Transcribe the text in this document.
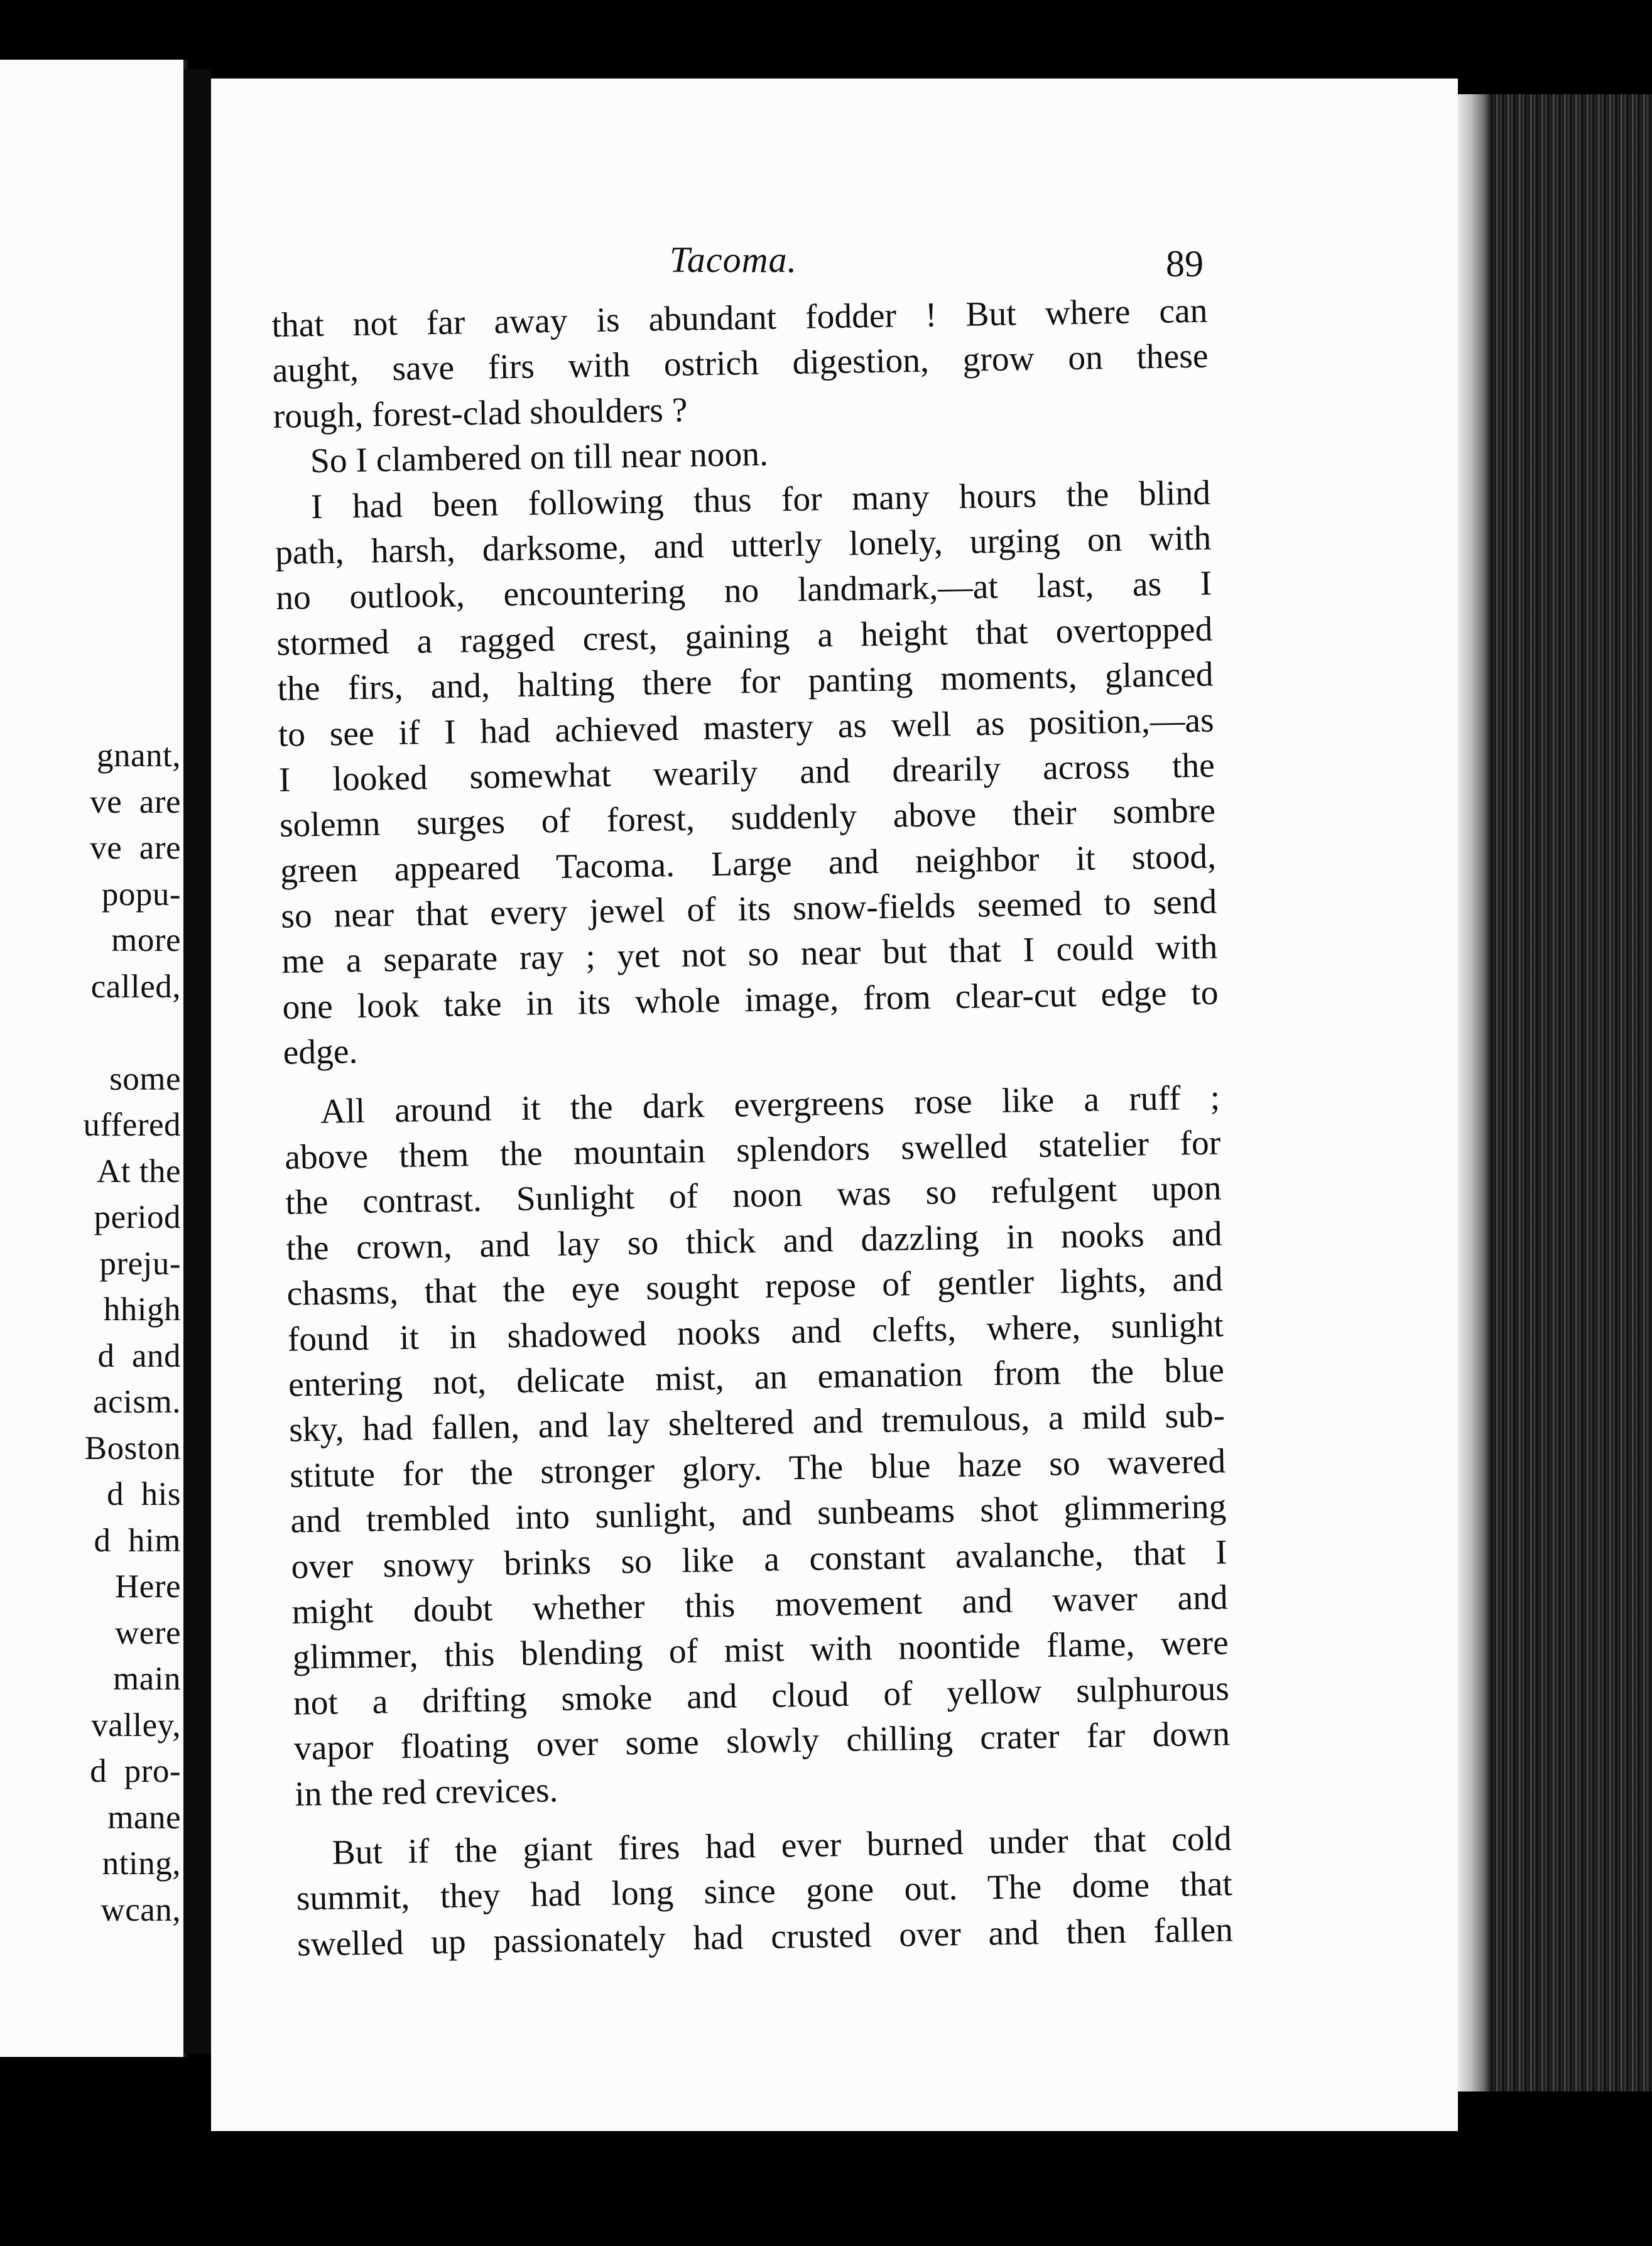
gnant,
ve  are
ve  are
popu-
more
called,
some
uffered
At the
period
preju-
hhigh
d  and
acism.
Boston
d  his
d  him
Here
were
main
valley,
d  pro-
mane
nting,
wcan,
Tacoma.	89
that not far away is abundant fodder ! But where can
aught, save firs with ostrich digestion, grow on these
rough, forest-clad shoulders ?
So I clambered on till near noon.
I had been following thus for many hours the blind
path, harsh, darksome, and utterly lonely, urging on with
no outlook, encountering no landmark,—at last, as I
stormed a ragged crest, gaining a height that overtopped
the firs, and, halting there for panting moments, glanced
to see if I had achieved mastery as well as position,—as
I looked somewhat wearily and drearily across the
solemn surges of forest, suddenly above their sombre
green appeared Tacoma. Large and neighbor it stood,
so near that every jewel of its snow-fields seemed to send
me a separate ray ; yet not so near but that I could with
one look take in its whole image, from clear-cut edge to
edge.
All around it the dark evergreens rose like a ruff ;
above them the mountain splendors swelled statelier for
the contrast. Sunlight of noon was so refulgent upon
the crown, and lay so thick and dazzling in nooks and
chasms, that the eye sought repose of gentler lights, and
found it in shadowed nooks and clefts, where, sunlight
entering not, delicate mist, an emanation from the blue
sky, had fallen, and lay sheltered and tremulous, a mild sub-
stitute for the stronger glory. The blue haze so wavered
and trembled into sunlight, and sunbeams shot glimmering
over snowy brinks so like a constant avalanche, that I
might doubt whether this movement and waver and
glimmer, this blending of mist with noontide flame, were
not a drifting smoke and cloud of yellow sulphurous
vapor floating over some slowly chilling crater far down
in the red crevices.
But if the giant fires had ever burned under that cold
summit, they had long since gone out. The dome that
swelled up passionately had crusted over and then fallen
